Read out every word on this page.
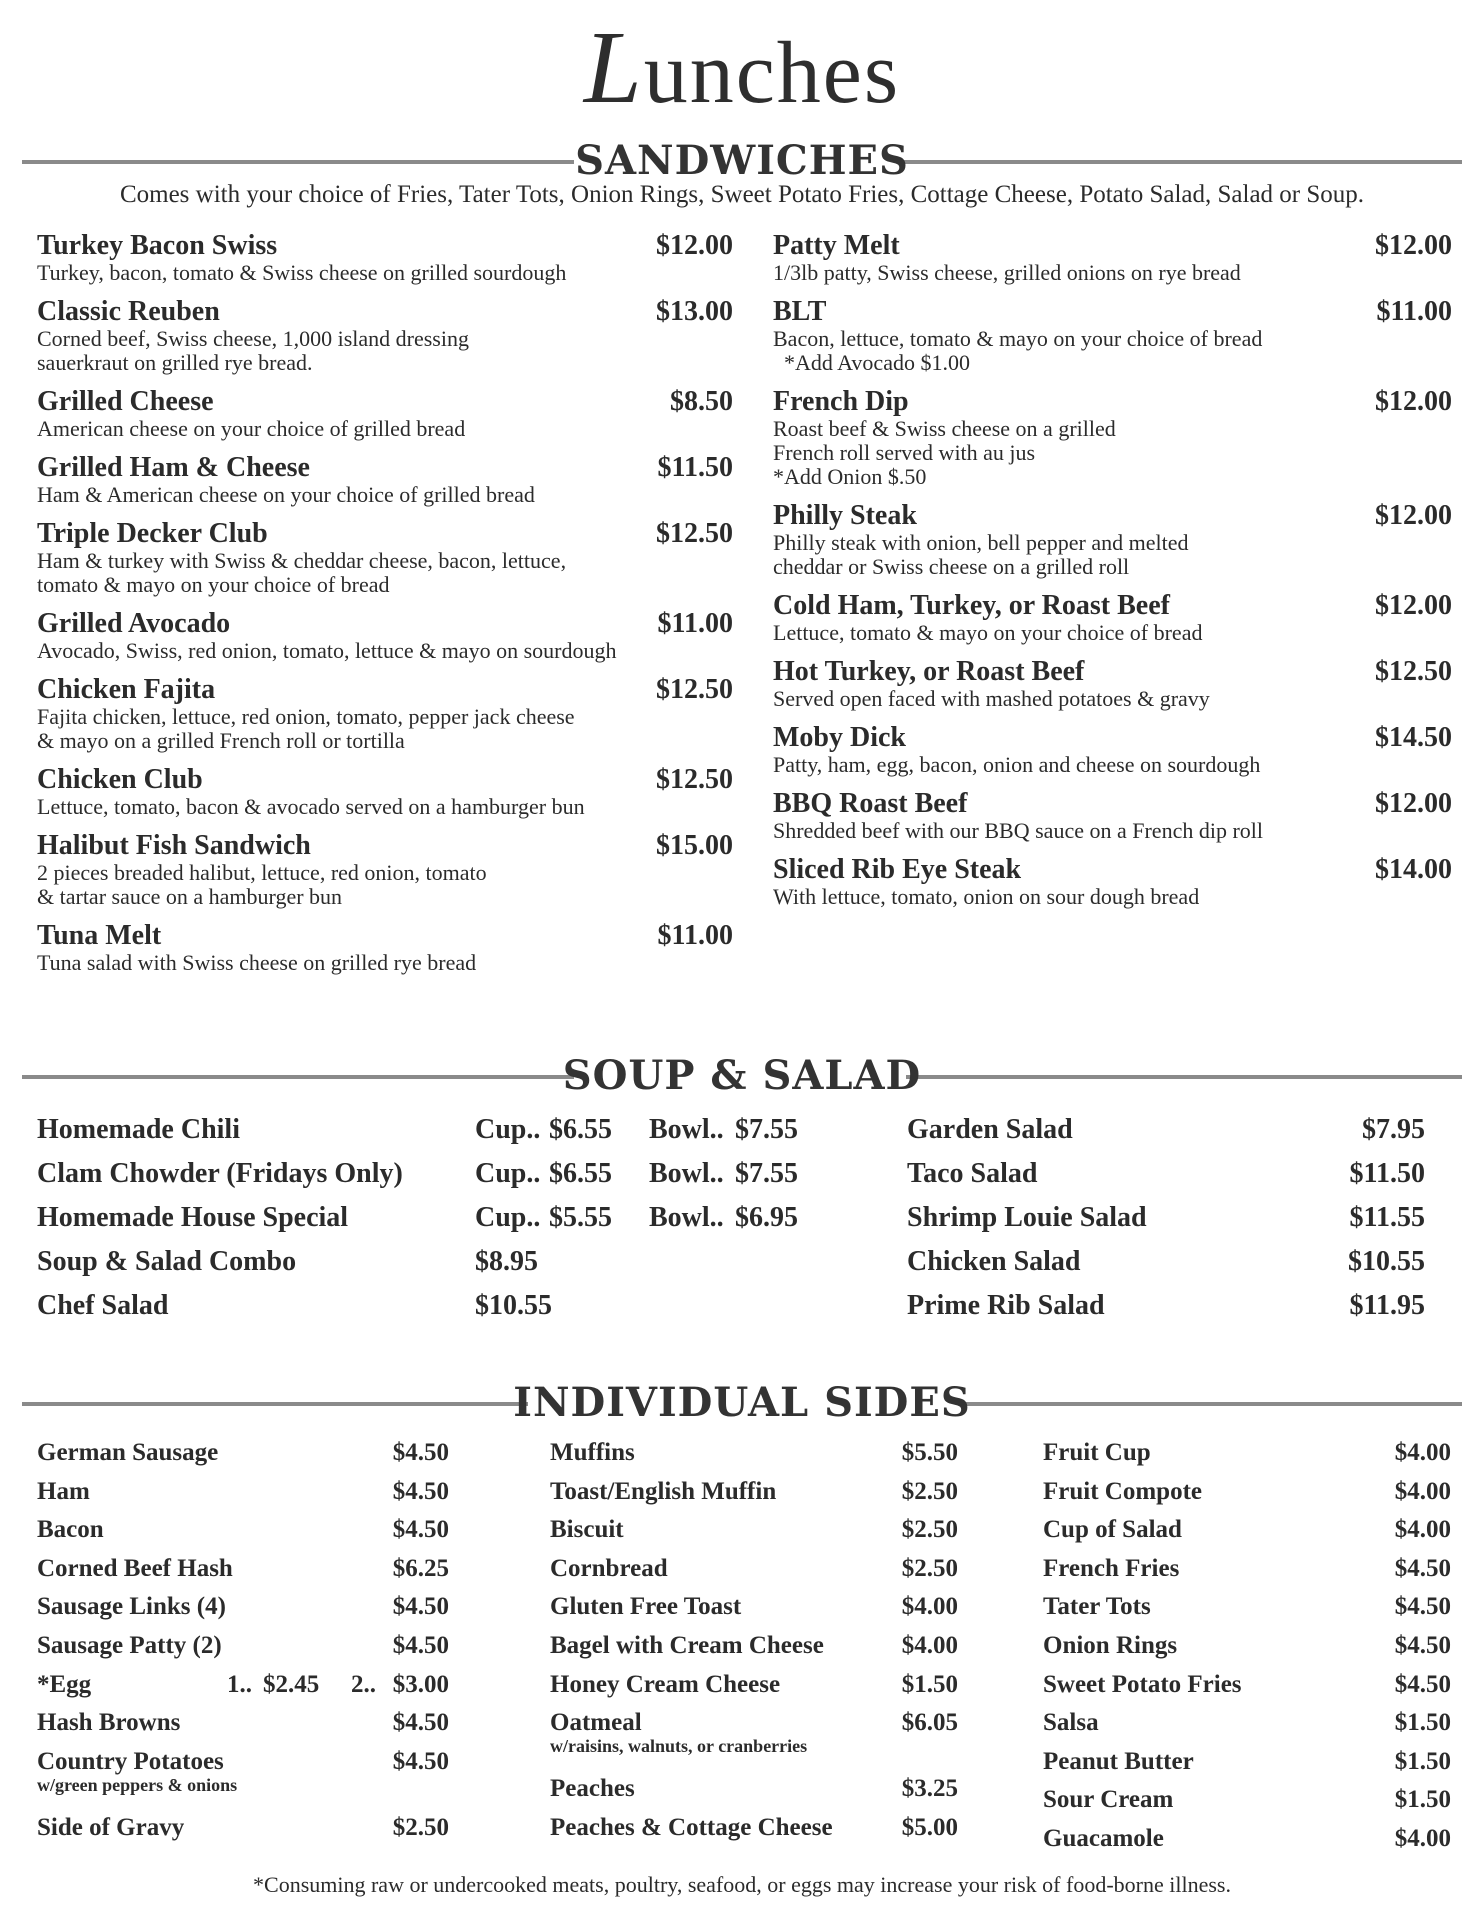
Lunches
SANDWICHES
Comes with your choice of Fries, Tater Tots, Onion Rings, Sweet Potato Fries, Cottage Cheese, Potato Salad, Salad or Soup.
Turkey Bacon Swiss	$12.00
Turkey, bacon, tomato & Swiss cheese on grilled sourdough
Classic Reuben	$13.00
Corned beef, Swiss cheese, 1,000 island dressing
sauerkraut on grilled rye bread.
Grilled Cheese	$8.50
American cheese on your choice of grilled bread
Grilled Ham & Cheese	$11.50
Ham & American cheese on your choice of grilled bread
Triple Decker Club	$12.50
Ham & turkey with Swiss & cheddar cheese, bacon, lettuce,
tomato & mayo on your choice of bread
Grilled Avocado	$11.00
Avocado, Swiss, red onion, tomato, lettuce & mayo on sourdough
Chicken Fajita	$12.50
Fajita chicken, lettuce, red onion, tomato, pepper jack cheese
& mayo on a grilled French roll or tortilla
Chicken Club	$12.50
Lettuce, tomato, bacon & avocado served on a hamburger bun
Halibut Fish Sandwich	$15.00
2 pieces breaded halibut, lettuce, red onion, tomato
& tartar sauce on a hamburger bun
Tuna Melt	$11.00
Tuna salad with Swiss cheese on grilled rye bread
Patty Melt	$12.00
1/3lb patty, Swiss cheese, grilled onions on rye bread
BLT	$11.00
Bacon, lettuce, tomato & mayo on your choice of bread
*Add Avocado $1.00
French Dip	$12.00
Roast beef & Swiss cheese on a grilled
French roll served with au jus
*Add Onion $.50
Philly Steak	$12.00
Philly steak with onion, bell pepper and melted
cheddar or Swiss cheese on a grilled roll
Cold Ham, Turkey, or Roast Beef	$12.00
Lettuce, tomato & mayo on your choice of bread
Hot Turkey, or Roast Beef	$12.50
Served open faced with mashed potatoes & gravy
Moby Dick	$14.50
Patty, ham, egg, bacon, onion and cheese on sourdough
BBQ Roast Beef	$12.00
Shredded beef with our BBQ sauce on a French dip roll
Sliced Rib Eye Steak	$14.00
With lettuce, tomato, onion on sour dough bread
SOUP & SALAD
Homemade Chili	Cup.. $6.55 Bowl.. $7.55
Clam Chowder (Fridays Only)	Cup.. $6.55 Bowl.. $7.55
Homemade House Special	Cup.. $5.55 Bowl.. $6.95
Soup & Salad Combo	$8.95
Chef Salad	$10.55
Garden Salad	$7.95
Taco Salad	$11.50
Shrimp Louie Salad	$11.55
Chicken Salad	$10.55
Prime Rib Salad	$11.95
INDIVIDUAL SIDES
German Sausage	$4.50
Ham	$4.50
Bacon	$4.50
Corned Beef Hash	$6.25
Sausage Links (4)	$4.50
Sausage Patty (2)	$4.50
*Egg	1.. $2.45 2.. $3.00
Hash Browns	$4.50
Country Potatoes	$4.50
w/green peppers & onions
Side of Gravy	$2.50
Muffins	$5.50
Toast/English Muffin	$2.50
Biscuit	$2.50
Cornbread	$2.50
Gluten Free Toast	$4.00
Bagel with Cream Cheese	$4.00
Honey Cream Cheese	$1.50
Oatmeal	$6.05
w/raisins, walnuts, or cranberries
Peaches	$3.25
Peaches & Cottage Cheese	$5.00
Fruit Cup	$4.00
Fruit Compote	$4.00
Cup of Salad	$4.00
French Fries	$4.50
Tater Tots	$4.50
Onion Rings	$4.50
Sweet Potato Fries	$4.50
Salsa	$1.50
Peanut Butter	$1.50
Sour Cream	$1.50
Guacamole	$4.00
*Consuming raw or undercooked meats, poultry, seafood, or eggs may increase your risk of food-borne illness.
